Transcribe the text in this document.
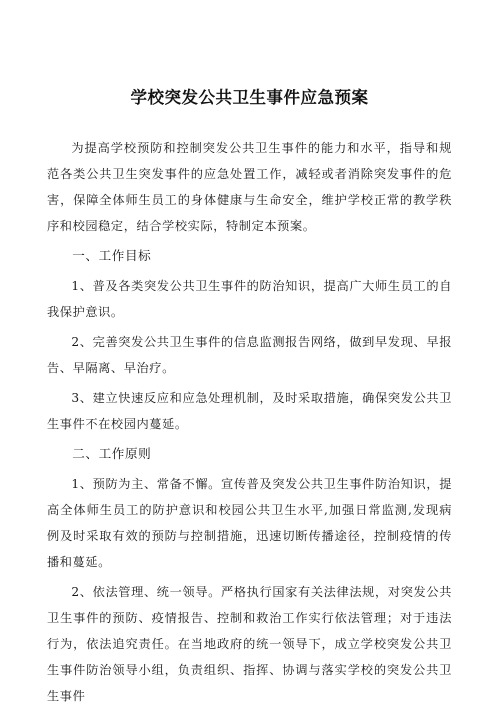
学校突发公共卫生事件应急预案

为提高学校预防和控制突发公共卫生事件的能力和水平，指导和规范各类公共卫生突发事件的应急处置工作，减轻或者消除突发事件的危害，保障全体师生员工的身体健康与生命安全，维护学校正常的教学秩序和校园稳定，结合学校实际，特制定本预案。

一、工作目标

1、普及各类突发公共卫生事件的防治知识，提高广大师生员工的自我保护意识。

2、完善突发公共卫生事件的信息监测报告网络，做到早发现、早报告、早隔离、早治疗。

3、建立快速反应和应急处理机制，及时采取措施，确保突发公共卫生事件不在校园内蔓延。

二、工作原则

1、预防为主、常备不懈。宣传普及突发公共卫生事件防治知识，提高全体师生员工的防护意识和校园公共卫生水平,加强日常监测,发现病例及时采取有效的预防与控制措施，迅速切断传播途径，控制疫情的传播和蔓延。

2、依法管理、统一领导。严格执行国家有关法律法规，对突发公共卫生事件的预防、疫情报告、控制和救治工作实行依法管理；对于违法行为，依法追究责任。在当地政府的统一领导下，成立学校突发公共卫生事件防治领导小组，负责组织、指挥、协调与落实学校的突发公共卫生事件
